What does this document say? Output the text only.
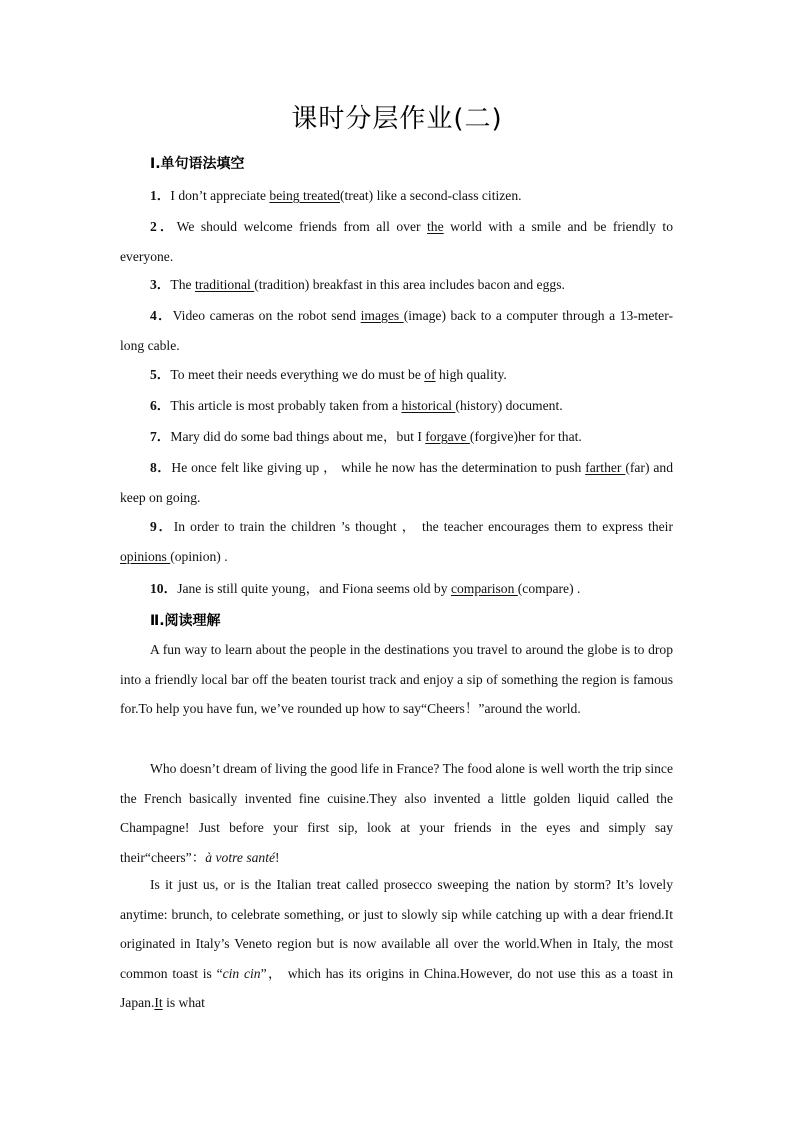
课时分层作业(二)
Ⅰ.单句语法填空
1．I don’t appreciate being treated(treat) like a second-class citizen.
2．We should welcome friends from all over the world with a smile and be friendly to everyone.
3．The traditional (tradition) breakfast in this area includes bacon and eggs.
4．Video cameras on the robot send images (image) back to a computer through a 13-meter-long cable.
5．To meet their needs everything we do must be of high quality.
6．This article is most probably taken from a historical (history) document.
7．Mary did do some bad things about me，but I forgave (forgive)her for that.
8．He once felt like giving up ， while he now has the determination to push farther (far) and keep on going.
9．In order to train the children ’s thought ， the teacher encourages them to express their opinions (opinion) .
10．Jane is still quite young，and Fiona seems old by comparison (compare) .
Ⅱ.阅读理解
A fun way to learn about the people in the destinations you travel to around the globe is to drop into a friendly local bar off the beaten tourist track and enjoy a sip of something the region is famous for.To help you have fun, we’ve rounded up how to say“Cheers！”around the world.
Who doesn’t dream of living the good life in France? The food alone is well worth the trip since the French basically invented fine cuisine.They also invented a little golden liquid called the Champagne! Just before your first sip, look at your friends in the eyes and simply say their“cheers”：à votre santé!
Is it just us, or is the Italian treat called prosecco sweeping the nation by storm? It’s lovely anytime: brunch, to celebrate something, or just to slowly sip while catching up with a dear friend.It originated in Italy’s Veneto region but is now available all over the world.When in Italy, the most common toast is “cin cin”， which has its origins in China.However, do not use this as a toast in Japan.It is what
